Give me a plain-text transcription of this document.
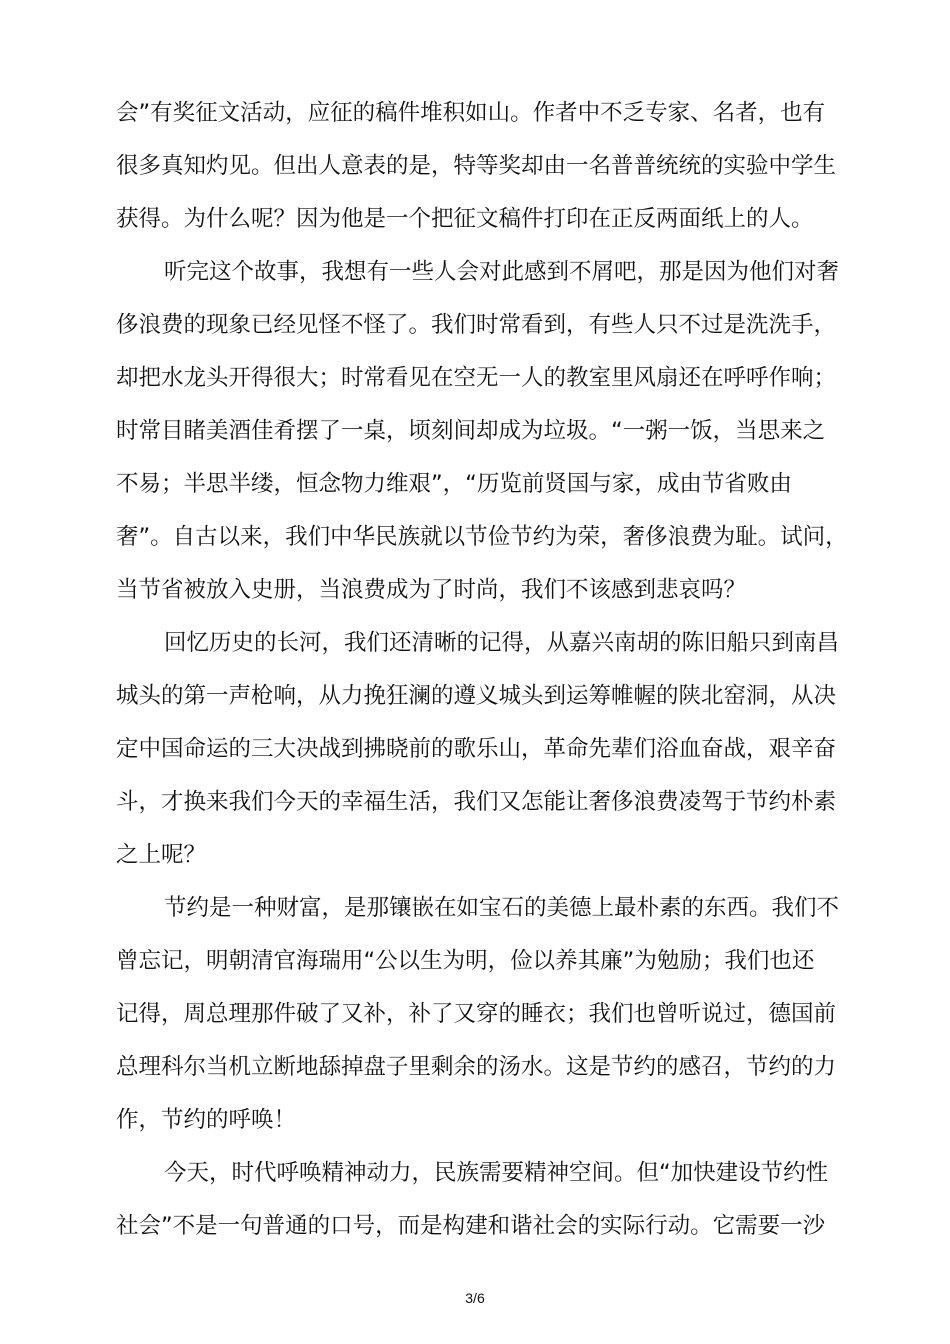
会”有奖征文活动，应征的稿件堆积如山。作者中不乏专家、名者，也有
很多真知灼见。但出人意表的是，特等奖却由一名普普统统的实验中学生
获得。为什么呢？因为他是一个把征文稿件打印在正反两面纸上的人。
听完这个故事，我想有一些人会对此感到不屑吧，那是因为他们对奢
侈浪费的现象已经见怪不怪了。我们时常看到，有些人只不过是洗洗手，
却把水龙头开得很大；时常看见在空无一人的教室里风扇还在呼呼作响；
时常目睹美酒佳肴摆了一桌，顷刻间却成为垃圾。“一粥一饭，当思来之
不易；半思半缕，恒念物力维艰”，“历览前贤国与家，成由节省败由
奢”。自古以来，我们中华民族就以节俭节约为荣，奢侈浪费为耻。试问，
当节省被放入史册，当浪费成为了时尚，我们不该感到悲哀吗？
回忆历史的长河，我们还清晰的记得，从嘉兴南胡的陈旧船只到南昌
城头的第一声枪响，从力挽狂澜的遵义城头到运筹帷幄的陕北窑洞，从决
定中国命运的三大决战到拂晓前的歌乐山，革命先辈们浴血奋战，艰辛奋
斗，才换来我们今天的幸福生活，我们又怎能让奢侈浪费凌驾于节约朴素
之上呢？
节约是一种财富，是那镶嵌在如宝石的美德上最朴素的东西。我们不
曾忘记，明朝清官海瑞用“公以生为明，俭以养其廉”为勉励；我们也还
记得，周总理那件破了又补，补了又穿的睡衣；我们也曾听说过，德国前
总理科尔当机立断地舔掉盘子里剩余的汤水。这是节约的感召，节约的力
作，节约的呼唤！
今天，时代呼唤精神动力，民族需要精神空间。但“加快建设节约性
社会”不是一句普通的口号，而是构建和谐社会的实际行动。它需要一沙
3/6
